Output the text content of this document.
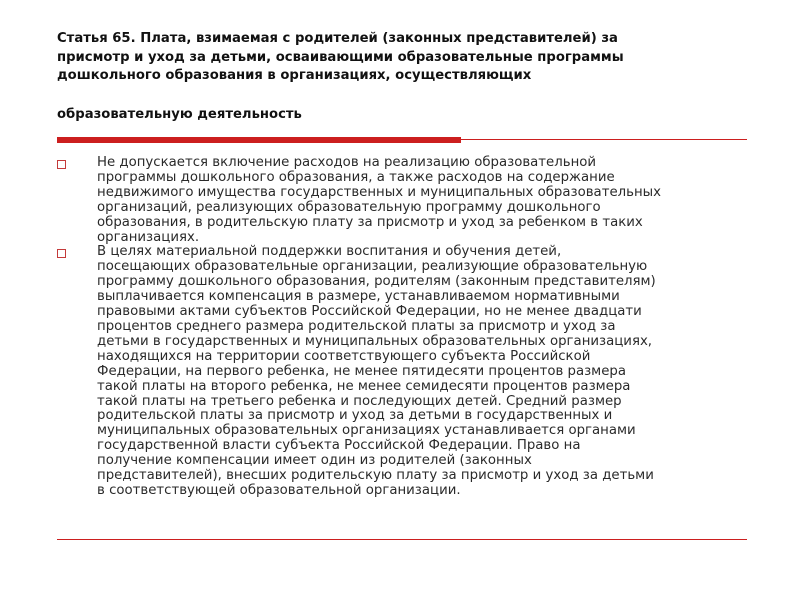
Статья 65. Плата, взимаемая с родителей (законных представителей) за
присмотр и уход за детьми, осваивающими образовательные программы
дошкольного образования в организациях, осуществляющих
образовательную деятельность
Не допускается включение расходов на реализацию образовательной
программы дошкольного образования, а также расходов на содержание
недвижимого имущества государственных и муниципальных образовательных
организаций, реализующих образовательную программу дошкольного
образования, в родительскую плату за присмотр и уход за ребенком в таких
организациях.
В целях материальной поддержки воспитания и обучения детей,
посещающих образовательные организации, реализующие образовательную
программу дошкольного образования, родителям (законным представителям)
выплачивается компенсация в размере, устанавливаемом нормативными
правовыми актами субъектов Российской Федерации, но не менее двадцати
процентов среднего размера родительской платы за присмотр и уход за
детьми в государственных и муниципальных образовательных организациях,
находящихся на территории соответствующего субъекта Российской
Федерации, на первого ребенка, не менее пятидесяти процентов размера
такой платы на второго ребенка, не менее семидесяти процентов размера
такой платы на третьего ребенка и последующих детей. Средний размер
родительской платы за присмотр и уход за детьми в государственных и
муниципальных образовательных организациях устанавливается органами
государственной власти субъекта Российской Федерации. Право на
получение компенсации имеет один из родителей (законных
представителей), внесших родительскую плату за присмотр и уход за детьми
в соответствующей образовательной организации.
